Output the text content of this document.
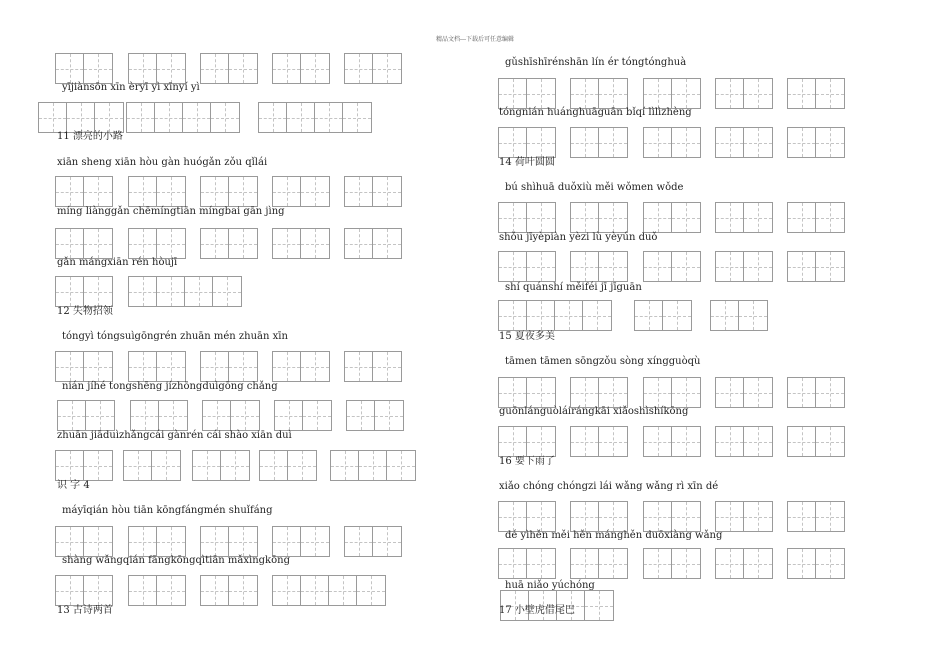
精品文档---下载后可任意编辑
yījiànsōn xīn èryī yì xīnyí yì
11 漂亮的小路
xiān sheng xiān hòu gàn huógǎn zǒu qǐlái
míng liànggǎn chēmíngtiān míngbai gān jìng
gǎn mángxiān rén hòujī
12 失物招领
tóngyì tóngsuìgōngrén zhuān mén zhuān xīn
nián jíhé tongshēng jízhōngduìgōng chǎng
zhuān jiāduìzhǎngcái gànrén cái shào xiān duì
识 字 4
máyīqián hòu tiān kōngfángmén shuǐfáng
shàng wǎngqián fāngkōngqìtiān mǎxìngkōng
13 古诗两首
gǔshīshīrénshān lín ér tóngtónghuà
tóngnián huánghuāguān bǐqí lìlìzhèng
14 荷叶圆圆
bú shìhuā duǒxiù měi wǒmen wǒde
shǒu jīyèpiàn yèzi lù yèyún duǒ
shí quánshí měiféi jī jīguān
15 夏夜多美
tāmen tāmen sōngzǒu sòng xíngguòqù
guōnlánguòláirángkāi xiǎoshìshíkōng
16 要下雨了
xiǎo chóng chóngzi lái wǎng wǎng rì xīn dé
dé yìhěn měi hěn mánghěn duōxiàng wǎng
huā niǎo yúchóng
17 小壁虎借尾巴
